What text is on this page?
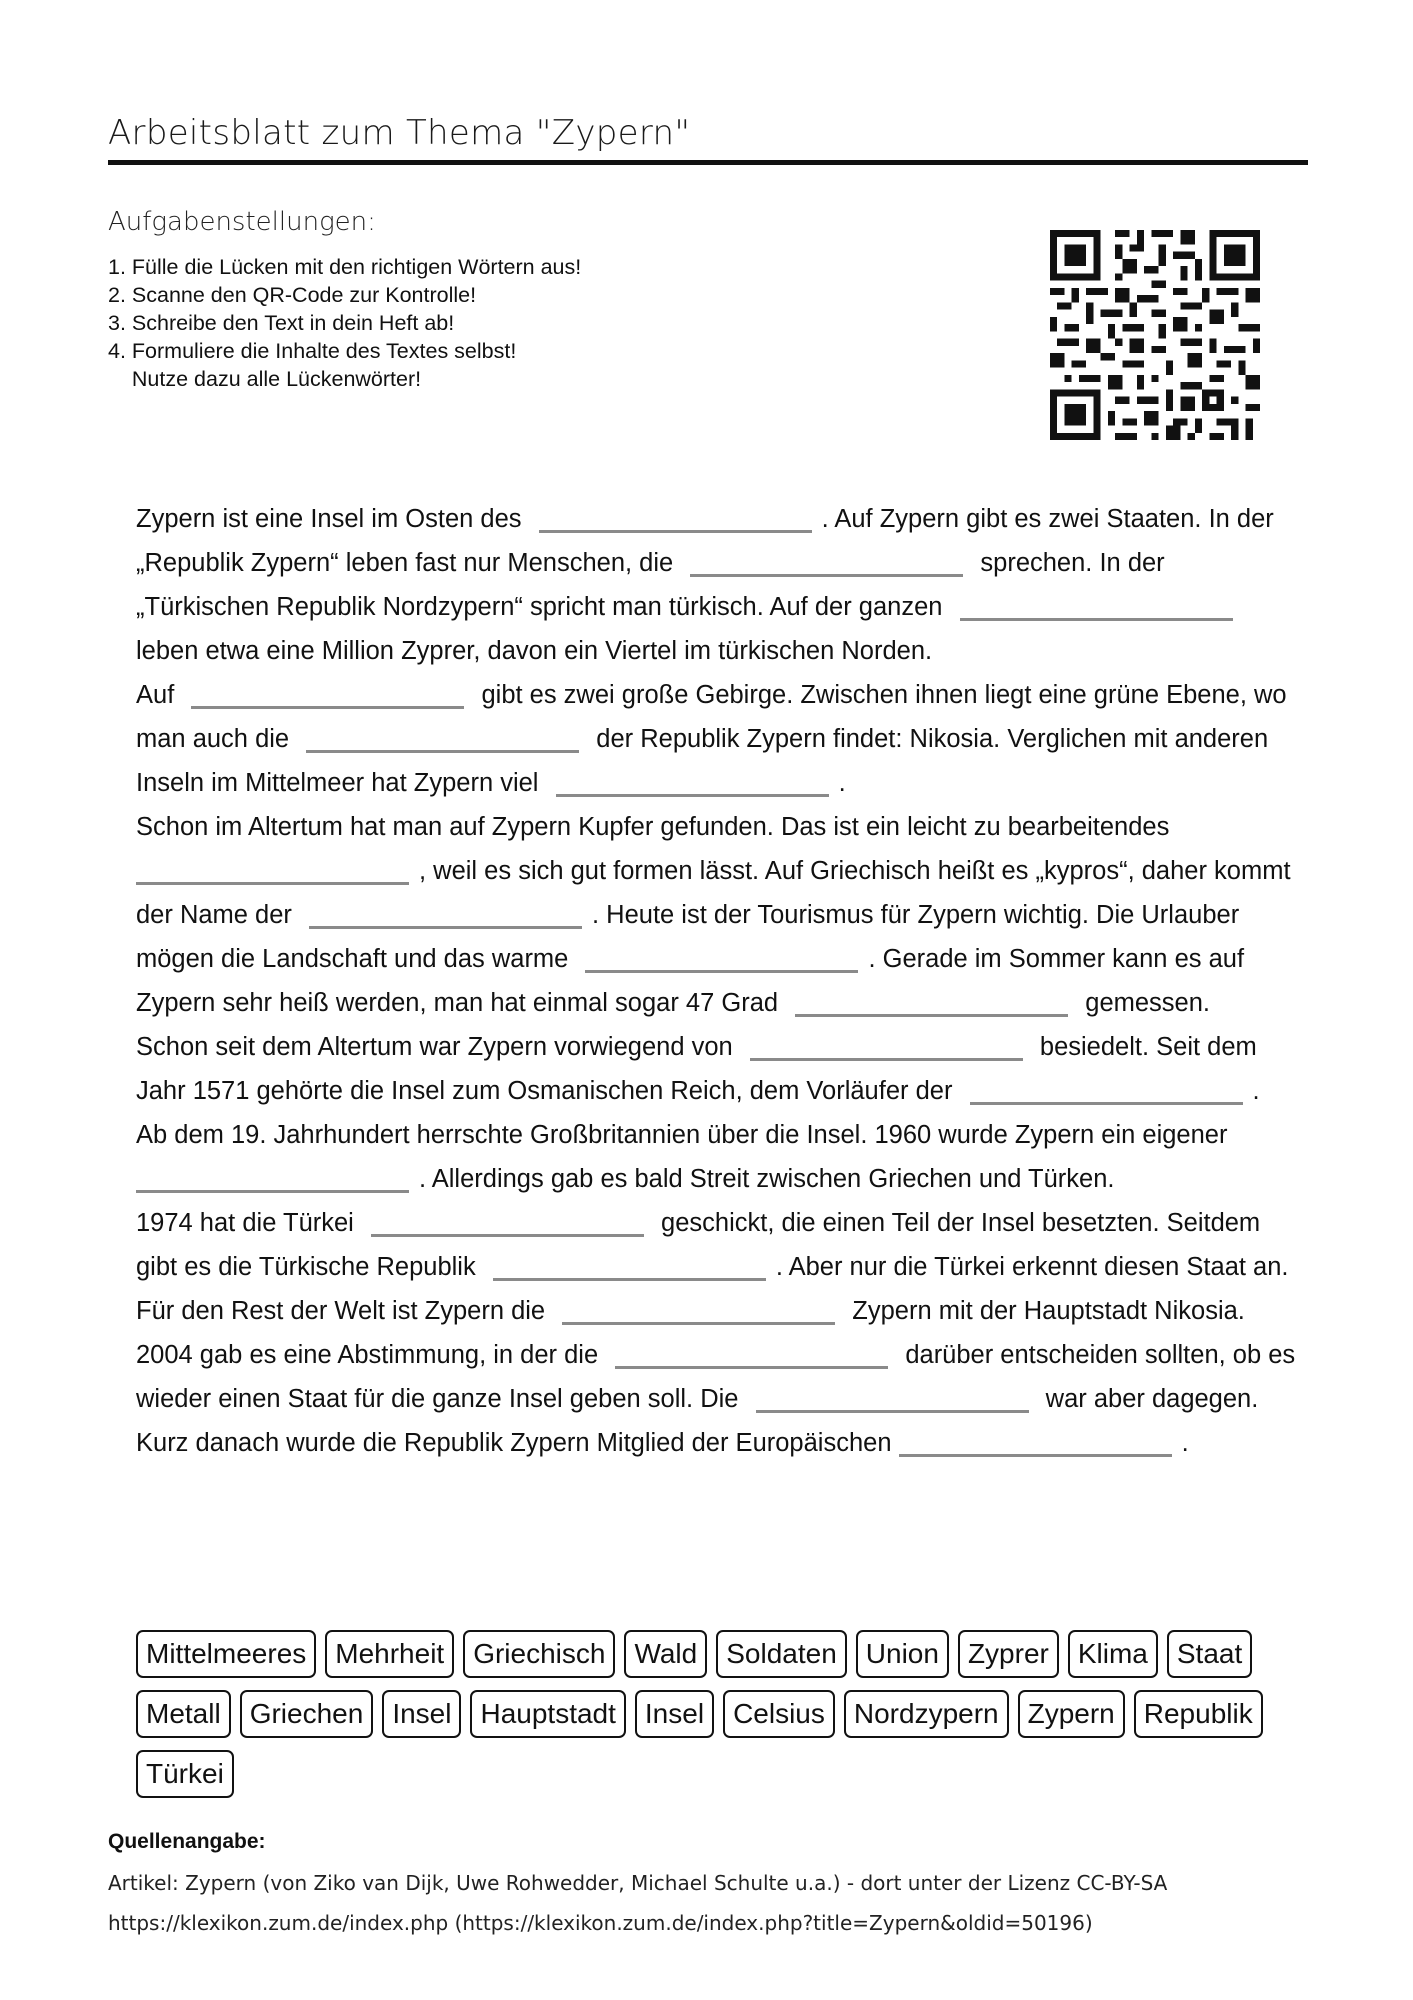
Arbeitsblatt zum Thema "Zypern"
Aufgabenstellungen:
1. Fülle die Lücken mit den richtigen Wörtern aus!
2. Scanne den QR-Code zur Kontrolle!
3. Schreibe den Text in dein Heft ab!
4. Formuliere die Inhalte des Textes selbst!
Nutze dazu alle Lückenwörter!

Zypern ist eine Insel im Osten des	. Auf Zypern gibt es zwei Staaten. In der „Republik Zypern“ leben fast nur Menschen, die	sprechen. In der „Türkischen Republik Nordzypern“ spricht man türkisch. Auf der ganzen  leben etwa eine Million Zyprer, davon ein Viertel im türkischen Norden.
Auf	gibt es zwei große Gebirge. Zwischen ihnen liegt eine grüne Ebene, wo man auch die	der Republik Zypern findet: Nikosia. Verglichen mit anderen Inseln im Mittelmeer hat Zypern viel	.
Schon im Altertum hat man auf Zypern Kupfer gefunden. Das ist ein leicht zu bearbeitendes , weil es sich gut formen lässt. Auf Griechisch heißt es „kypros“, daher kommt der Name der	. Heute ist der Tourismus für Zypern wichtig. Die Urlauber mögen die Landschaft und das warme	. Gerade im Sommer kann es auf Zypern sehr heiß werden, man hat einmal sogar 47 Grad	gemessen.
Schon seit dem Altertum war Zypern vorwiegend von	besiedelt. Seit dem Jahr 1571 gehörte die Insel zum Osmanischen Reich, dem Vorläufer der	.
Ab dem 19. Jahrhundert herrschte Großbritannien über die Insel. 1960 wurde Zypern ein eigener . Allerdings gab es bald Streit zwischen Griechen und Türken.
1974 hat die Türkei	geschickt, die einen Teil der Insel besetzten. Seitdem gibt es die Türkische Republik	. Aber nur die Türkei erkennt diesen Staat an. Für den Rest der Welt ist Zypern die	Zypern mit der Hauptstadt Nikosia.
2004 gab es eine Abstimmung, in der die	darüber entscheiden sollten, ob es wieder einen Staat für die ganze Insel geben soll. Die	war aber dagegen. Kurz danach wurde die Republik Zypern Mitglied der Europäischen	.

Mittelmeeres	Mehrheit	Griechisch	Wald	Soldaten	Union	Zyprer	Klima	Staat
Metall	Griechen	Insel	Hauptstadt	Insel	Celsius	Nordzypern	Zypern	Republik
Türkei
Quellenangabe:

Artikel: Zypern (von Ziko van Dijk, Uwe Rohwedder, Michael Schulte u.a.) - dort unter der Lizenz CC-BY-SA

https://klexikon.zum.de/index.php (https://klexikon.zum.de/index.php?title=Zypern&oldid=50196)
